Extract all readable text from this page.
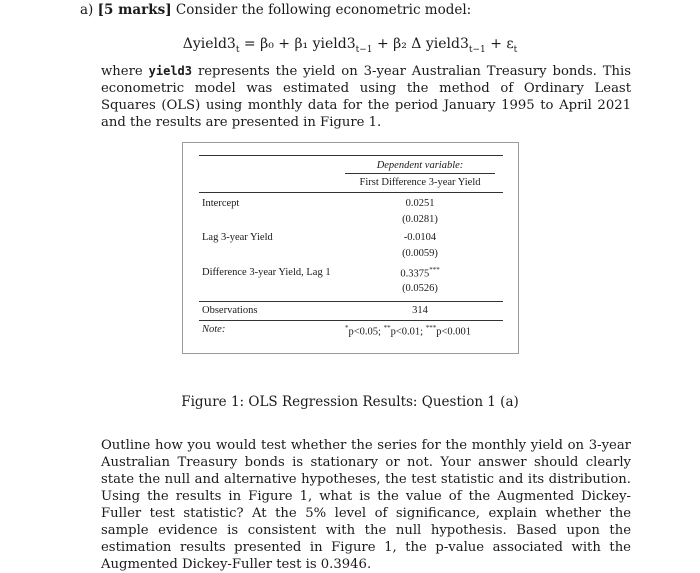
a) [5 marks] Consider the following econometric model:
$\Delta yield3_t = \beta_0 + \beta_1$ $yield3_{t-1} + \beta_2$ Δ $yield3_{t-1} + \varepsilon_t$
where yield3 represents the yield on 3-year Australian Treasury bonds. This econometric model was estimated using the method of Ordinary Least Squares (OLS) using monthly data for the period January 1995 to April 2021 and the results are presented in Figure 1.
Dependent variable:
First Difference 3-year Yield
Intercept	0.0251
(0.0281)
Lag 3-year Yield	-0.0104
(0.0059)
Difference 3-year Yield, Lag 1	0.3375***
(0.0526)
Observations	314
Note:	*p<0.05; **p<0.01; ***p<0.001
Figure 1: OLS Regression Results: Question 1 (a)
Outline how you would test whether the series for the monthly yield on 3-year Australian Treasury bonds is stationary or not. Your answer should clearly state the null and alternative hypotheses, the test statistic and its distribution. Using the results in Figure 1, what is the value of the Augmented Dickey-Fuller test statistic? At the 5% level of significance, explain whether the sample evidence is consistent with the null hypothesis. Based upon the estimation results presented in Figure 1, the p-value associated with the Augmented Dickey-Fuller test is 0.3946.
